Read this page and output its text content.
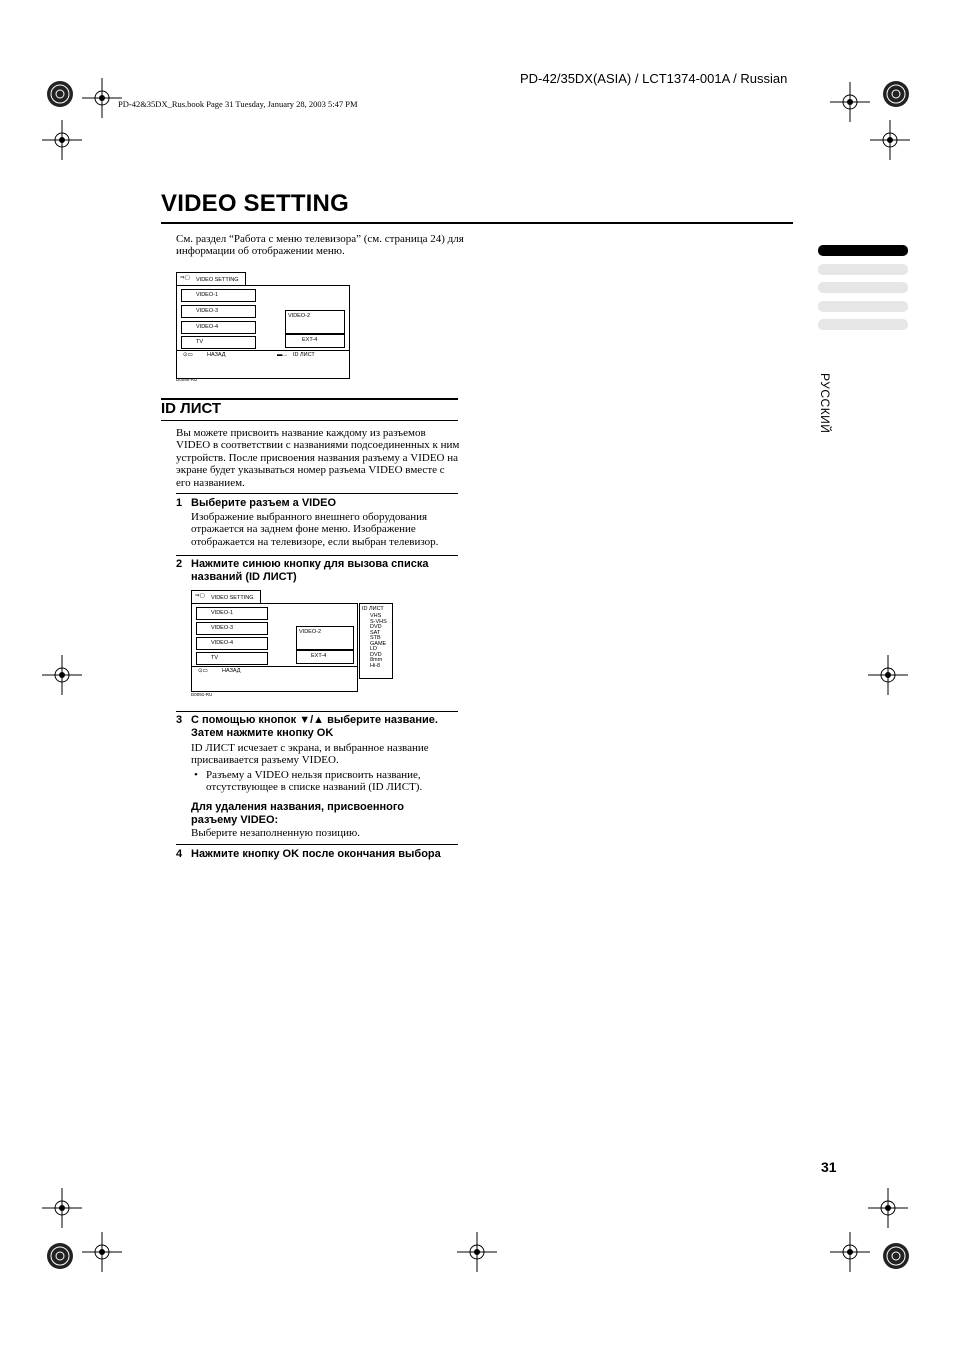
PD-42/35DX(ASIA) / LCT1374-001A / Russian
PD-42&35DX_Rus.book Page 31 Tuesday, January 28, 2003 5:47 PM
VIDEO SETTING
См. раздел “Работа с меню телевизора” (см. страница 24) для информации об отображении меню.
⇒▢ VIDEO SETTING
VIDEO-1
VIDEO-3
VIDEO-4
TV
VIDEO-2
EXT-4
⊙▭	НАЗАД	▬→ ID ЛИСТ
D0090-RU
ID ЛИСТ
Вы можете присвоить название каждому из разъемов VIDEO в соответствии с названиями подсоединенных к ним устройств. После присвоения названия разъему а VIDEO на экране будет указываться номер разъема VIDEO вместе с его названием.
1 Выберите разъем а VIDEO
Изображение выбранного внешнего оборудования отражается на заднем фоне меню. Изображение отображается на телевизоре, если выбран телевизор.
2 Нажмите синюю кнопку для вызова списка названий (ID ЛИСТ)
⇒▢ VIDEO SETTING
VIDEO-1
VIDEO-3
VIDEO-4
TV
VIDEO-2
EXT-4
⊙▭	НАЗАД
ID ЛИСТ
VHS
S-VHS
DVD
SAT
STB
GAME
LD
DVD
8mm
Hi-8
D0091-RU
3 С помощью кнопок ▼/▲ выберите название.
Затем нажмите кнопку OK
ID ЛИСТ исчезает с экрана, и выбранное название присваивается разъему VIDEO.
• Разъему а VIDEO нельзя присвоить название, отсутствующее в списке названий (ID ЛИСТ).
Для удаления названия, присвоенного разъему VIDEO:
Выберите незаполненную позицию.
4 Нажмите кнопку OK после окончания выбора
РУССКИЙ
31
